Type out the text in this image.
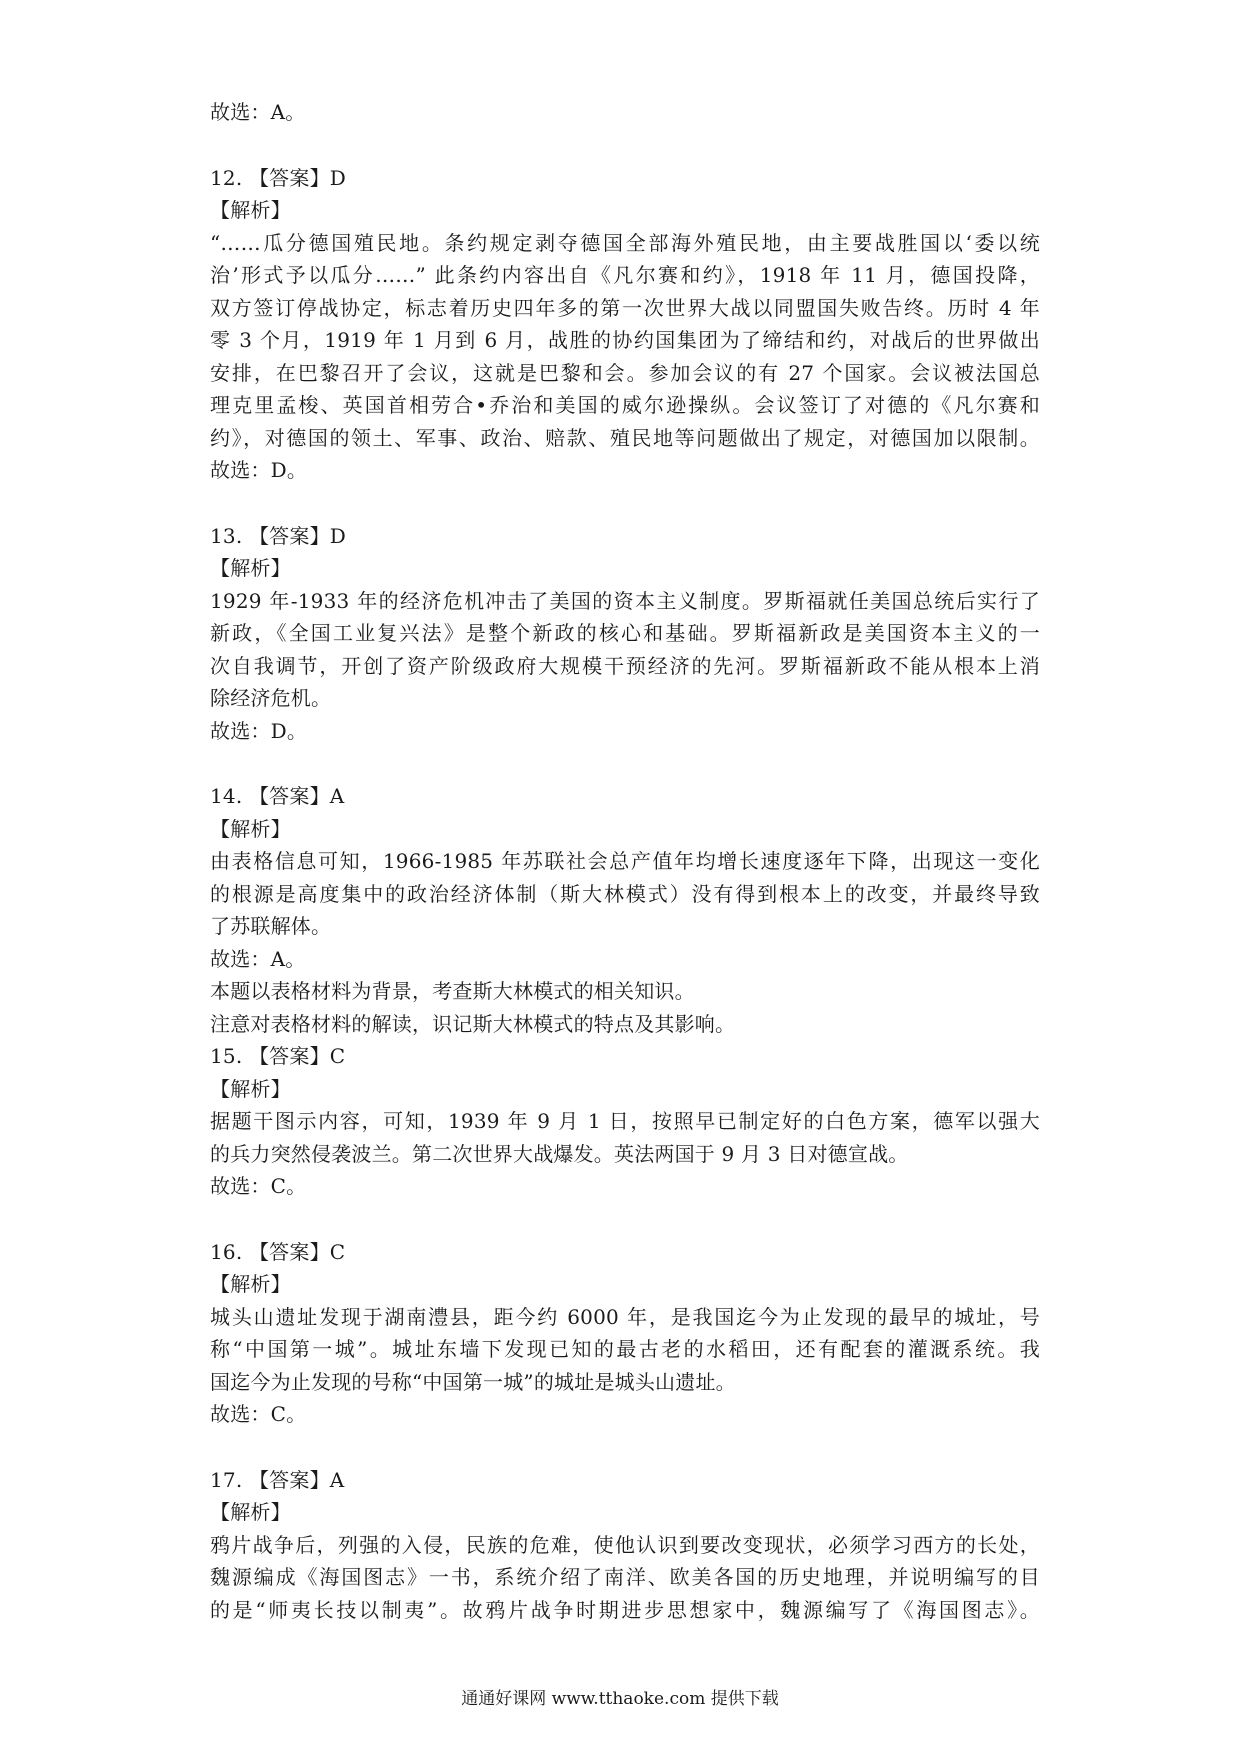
故选：A。
12. 【答案】D
【解析】
“……瓜分德国殖民地。条约规定剥夺德国全部海外殖民地，由主要战胜国以‘委以统
治’形式予以瓜分……” 此条约内容出自《凡尔赛和约》，1918 年 11 月，德国投降，
双方签订停战协定，标志着历史四年多的第一次世界大战以同盟国失败告终。历时 4 年
零 3 个月，1919 年 1 月到 6 月，战胜的协约国集团为了缔结和约，对战后的世界做出
安排，在巴黎召开了会议，这就是巴黎和会。参加会议的有 27 个国家。会议被法国总
理克里孟梭、英国首相劳合•乔治和美国的威尔逊操纵。会议签订了对德的《凡尔赛和
约》，对德国的领土、军事、政治、赔款、殖民地等问题做出了规定，对德国加以限制。
故选：D。
13. 【答案】D
【解析】
1929 年-1933 年的经济危机冲击了美国的资本主义制度。罗斯福就任美国总统后实行了
新政，《全国工业复兴法》是整个新政的核心和基础。罗斯福新政是美国资本主义的一
次自我调节，开创了资产阶级政府大规模干预经济的先河。罗斯福新政不能从根本上消
除经济危机。
故选：D。
14. 【答案】A
【解析】
由表格信息可知，1966-1985 年苏联社会总产值年均增长速度逐年下降，出现这一变化
的根源是高度集中的政治经济体制（斯大林模式）没有得到根本上的改变，并最终导致
了苏联解体。
故选：A。
本题以表格材料为背景，考查斯大林模式的相关知识。
注意对表格材料的解读，识记斯大林模式的特点及其影响。
15. 【答案】C
【解析】
据题干图示内容，可知，1939 年 9 月 1 日，按照早已制定好的白色方案，德军以强大
的兵力突然侵袭波兰。第二次世界大战爆发。英法两国于 9 月 3 日对德宣战。
故选：C。
16. 【答案】C
【解析】
城头山遗址发现于湖南澧县，距今约 6000 年，是我国迄今为止发现的最早的城址，号
称“中国第一城”。城址东墙下发现已知的最古老的水稻田，还有配套的灌溉系统。我
国迄今为止发现的号称“中国第一城”的城址是城头山遗址。
故选：C。
17. 【答案】A
【解析】
鸦片战争后，列强的入侵，民族的危难，使他认识到要改变现状，必须学习西方的长处，
魏源编成《海国图志》一书，系统介绍了南洋、欧美各国的历史地理，并说明编写的目
的是“师夷长技以制夷”。故鸦片战争时期进步思想家中，魏源编写了《海国图志》。
通通好课网 www.tthaoke.com 提供下载
